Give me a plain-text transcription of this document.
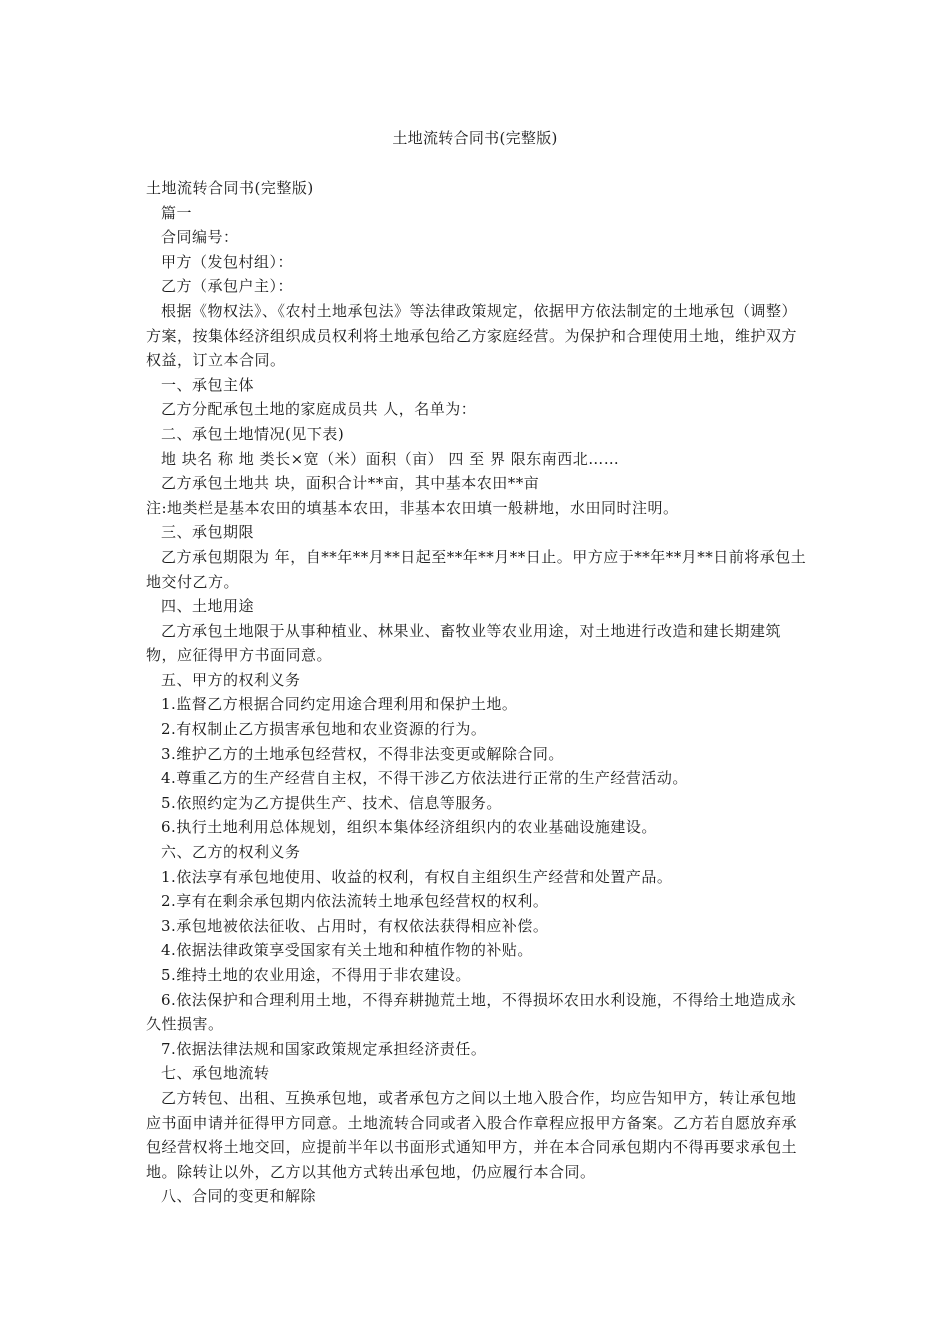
土地流转合同书(完整版)

土地流转合同书(完整版)

篇一

合同编号：

甲方（发包村组）：

乙方（承包户主）：

根据《物权法》、《农村土地承包法》等法律政策规定，依据甲方依法制定的土地承包（调整）方案，按集体经济组织成员权利将土地承包给乙方家庭经营。为保护和合理使用土地，维护双方权益，订立本合同。

一、承包主体

乙方分配承包土地的家庭成员共 人，名单为：

二、承包土地情况(见下表)

地 块名 称 地 类长×宽（米）面积（亩） 四 至 界 限东南西北……

乙方承包土地共 块，面积合计**亩，其中基本农田**亩

注:地类栏是基本农田的填基本农田，非基本农田填一般耕地，水田同时注明。

三、承包期限

乙方承包期限为 年，自**年**月**日起至**年**月**日止。甲方应于**年**月**日前将承包土地交付乙方。

四、土地用途

乙方承包土地限于从事种植业、林果业、畜牧业等农业用途，对土地进行改造和建长期建筑物，应征得甲方书面同意。

五、甲方的权利义务

1.监督乙方根据合同约定用途合理利用和保护土地。

2.有权制止乙方损害承包地和农业资源的行为。

3.维护乙方的土地承包经营权，不得非法变更或解除合同。

4.尊重乙方的生产经营自主权，不得干涉乙方依法进行正常的生产经营活动。

5.依照约定为乙方提供生产、技术、信息等服务。

6.执行土地利用总体规划，组织本集体经济组织内的农业基础设施建设。

六、乙方的权利义务

1.依法享有承包地使用、收益的权利，有权自主组织生产经营和处置产品。

2.享有在剩余承包期内依法流转土地承包经营权的权利。

3.承包地被依法征收、占用时，有权依法获得相应补偿。

4.依据法律政策享受国家有关土地和种植作物的补贴。

5.维持土地的农业用途，不得用于非农建设。

6.依法保护和合理利用土地，不得弃耕抛荒土地，不得损坏农田水利设施，不得给土地造成永久性损害。

7.依据法律法规和国家政策规定承担经济责任。

七、承包地流转

乙方转包、出租、互换承包地，或者承包方之间以土地入股合作，均应告知甲方，转让承包地应书面申请并征得甲方同意。土地流转合同或者入股合作章程应报甲方备案。乙方若自愿放弃承包经营权将土地交回，应提前半年以书面形式通知甲方，并在本合同承包期内不得再要求承包土地。除转让以外，乙方以其他方式转出承包地，仍应履行本合同。

八、合同的变更和解除
